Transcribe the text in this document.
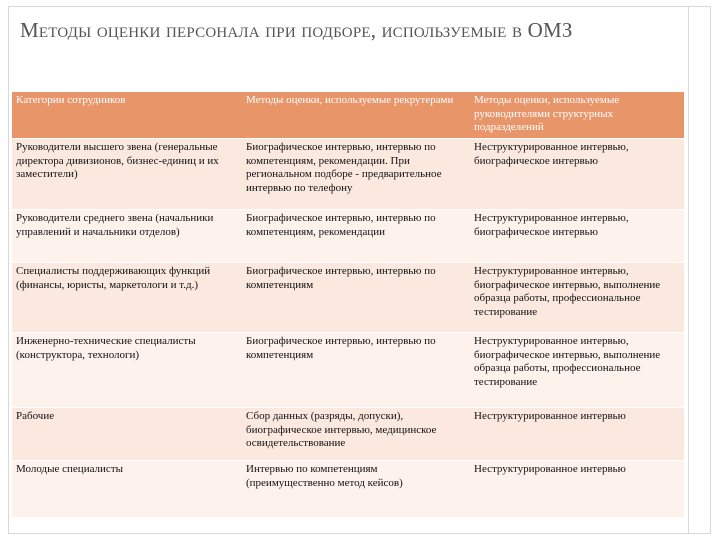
Методы оценки персонала при подборе, используемые в ОМЗ
Категории сотрудников	Методы оценки, используемые рекрутерами	Методы оценки, используемые руководителями структурных подразделений
Руководители высшего звена (генеральные директора дивизионов, бизнес-единиц и их заместители)	Биографическое интервью, интервью по компетенциям, рекомендации. При региональном подборе - предварительное интервью по телефону	Неструктурированное интервью, биографическое интервью
Руководители среднего звена (начальники управлений и начальники отделов)	Биографическое интервью, интервью по компетенциям, рекомендации	Неструктурированное интервью, биографическое интервью
Специалисты поддерживающих функций (финансы, юристы, маркетологи и т.д.)	Биографическое интервью, интервью по компетенциям	Неструктурированное интервью, биографическое интервью, выполнение образца работы, профессиональное тестирование
Инженерно-технические специалисты (конструктора, технологи)	Биографическое интервью, интервью по компетенциям	Неструктурированное интервью, биографическое интервью, выполнение образца работы, профессиональное тестирование
Рабочие	Сбор данных (разряды, допуски), биографическое интервью, медицинское освидетельствование	Неструктурированное интервью
Молодые специалисты	Интервью по компетенциям (преимущественно метод кейсов)	Неструктурированное интервью
